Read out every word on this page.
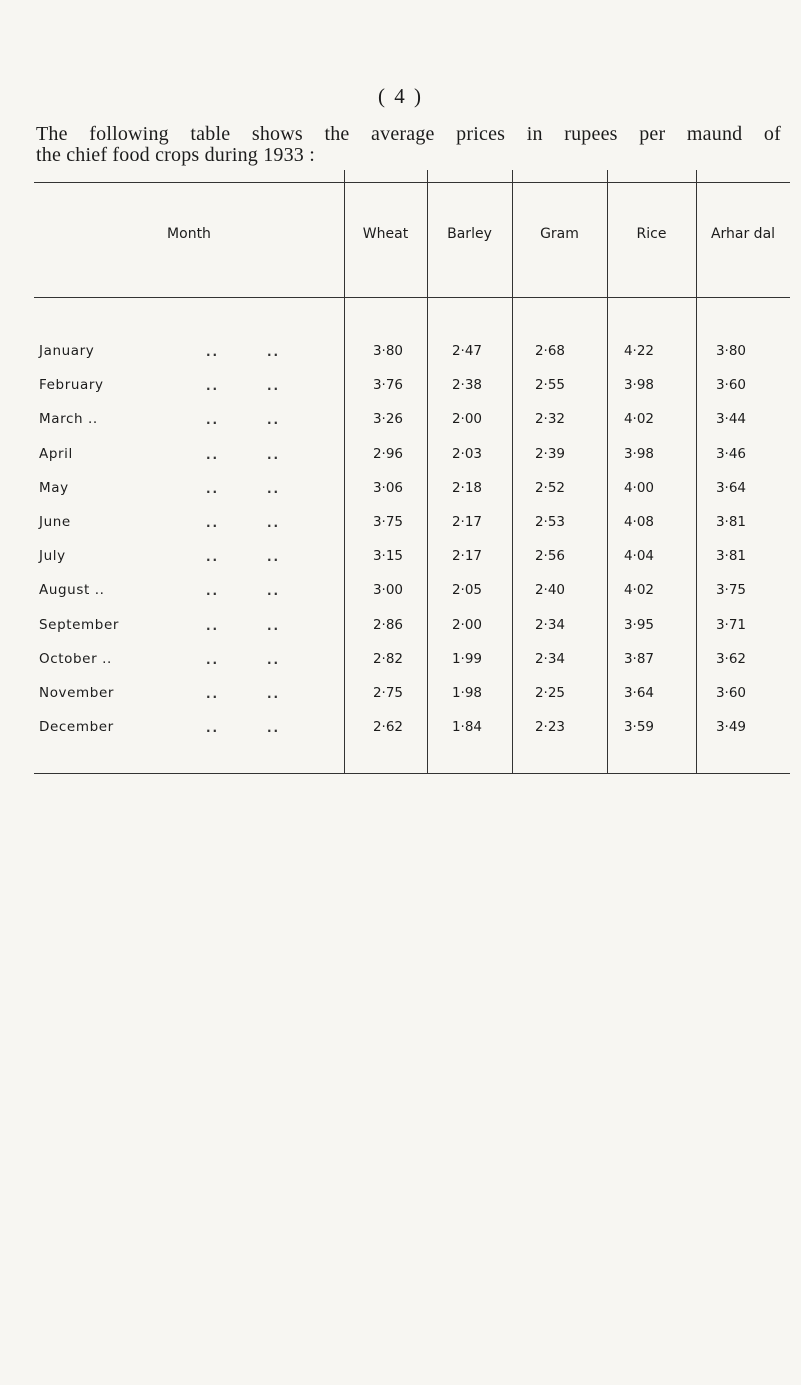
( 4 )
The following table shows the average prices in rupees per maund of
the chief food crops during 1933 :
Month	Wheat	Barley	Gram	Rice	Arhar dal
January	..	..	3·80	2·47	2·68	4·22	3·80
February	..	..	3·76	2·38	2·55	3·98	3·60
March ..	..	..	3·26	2·00	2·32	4·02	3·44
April	..	..	2·96	2·03	2·39	3·98	3·46
May	..	..	3·06	2·18	2·52	4·00	3·64
June	..	..	3·75	2·17	2·53	4·08	3·81
July	..	..	3·15	2·17	2·56	4·04	3·81
August ..	..	..	3·00	2·05	2·40	4·02	3·75
September	..	..	2·86	2·00	2·34	3·95	3·71
October ..	..	..	2·82	1·99	2·34	3·87	3·62
November	..	..	2·75	1·98	2·25	3·64	3·60
December	..	..	2·62	1·84	2·23	3·59	3·49
